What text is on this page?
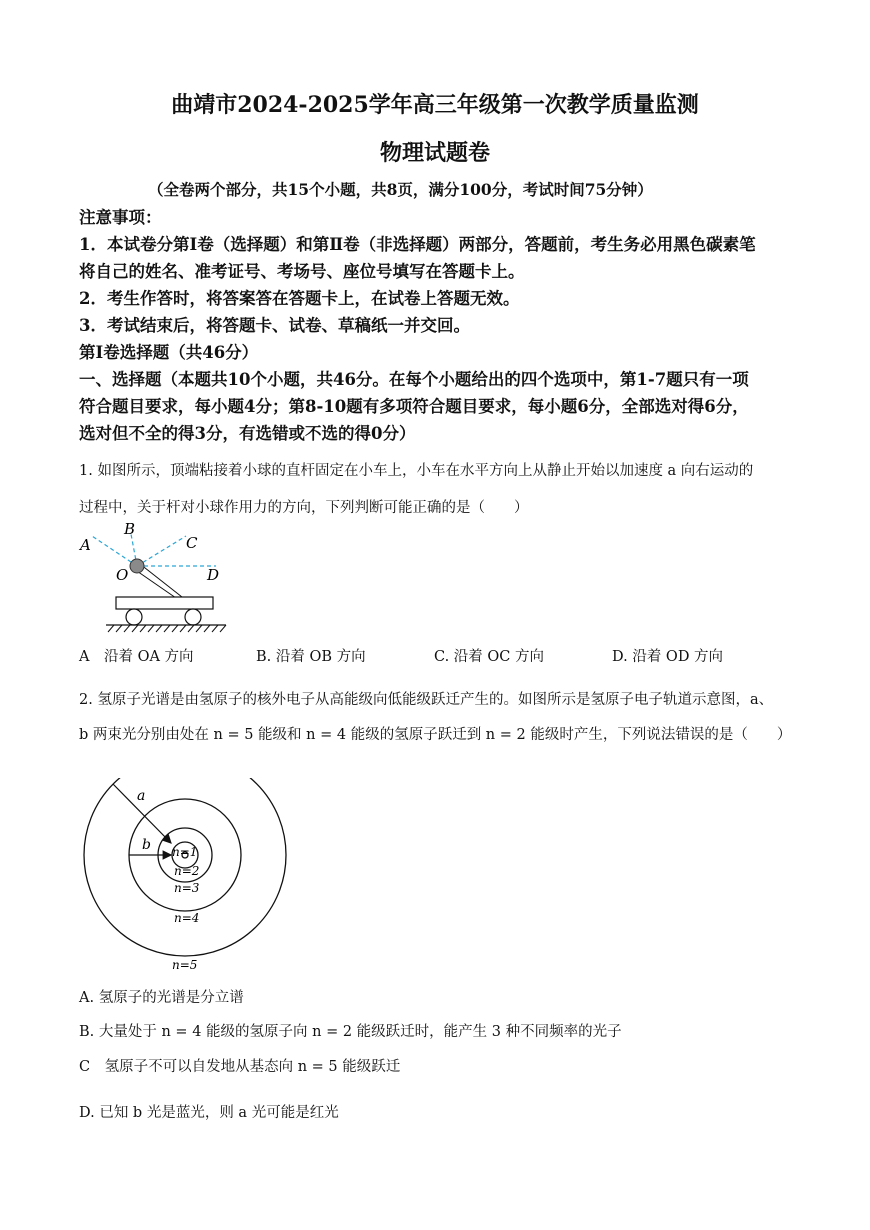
曲靖市2024-2025学年高三年级第一次教学质量监测
物理试题卷
（全卷两个部分，共15个小题，共8页，满分100分，考试时间75分钟）
注意事项：
1．本试卷分第Ⅰ卷（选择题）和第Ⅱ卷（非选择题）两部分，答题前，考生务必用黑色碳素笔
将自己的姓名、准考证号、考场号、座位号填写在答题卡上。
2．考生作答时，将答案答在答题卡上，在试卷上答题无效。
3．考试结束后，将答题卡、试卷、草稿纸一并交回。
第Ⅰ卷选择题（共46分）
一、选择题（本题共10个小题，共46分。在每个小题给出的四个选项中，第1-7题只有一项
符合题目要求，每小题4分；第8-10题有多项符合题目要求，每小题6分，全部选对得6分，
选对但不全的得3分，有选错或不选的得0分）
1. 如图所示，顶端粘接着小球的直杆固定在小车上，小车在水平方向上从静止开始以加速度 a 向右运动的
过程中，关于杆对小球作用力的方向，下列判断可能正确的是（　　）
A
B
C
D
O
A　沿着 OA 方向	B. 沿着 OB 方向	C. 沿着 OC 方向	D. 沿着 OD 方向
2. 氢原子光谱是由氢原子的核外电子从高能级向低能级跃迁产生的。如图所示是氢原子电子轨道示意图，a、
b 两束光分别由处在 n = 5 能级和 n = 4 能级的氢原子跃迁到 n = 2 能级时产生，下列说法错误的是（　　）
a
b n=1
n=2
n=3
n=4
n=5
A. 氢原子的光谱是分立谱
B. 大量处于 n = 4 能级的氢原子向 n = 2 能级跃迁时，能产生 3 种不同频率的光子
C　氢原子不可以自发地从基态向 n = 5 能级跃迁
D. 已知 b 光是蓝光，则 a 光可能是红光
